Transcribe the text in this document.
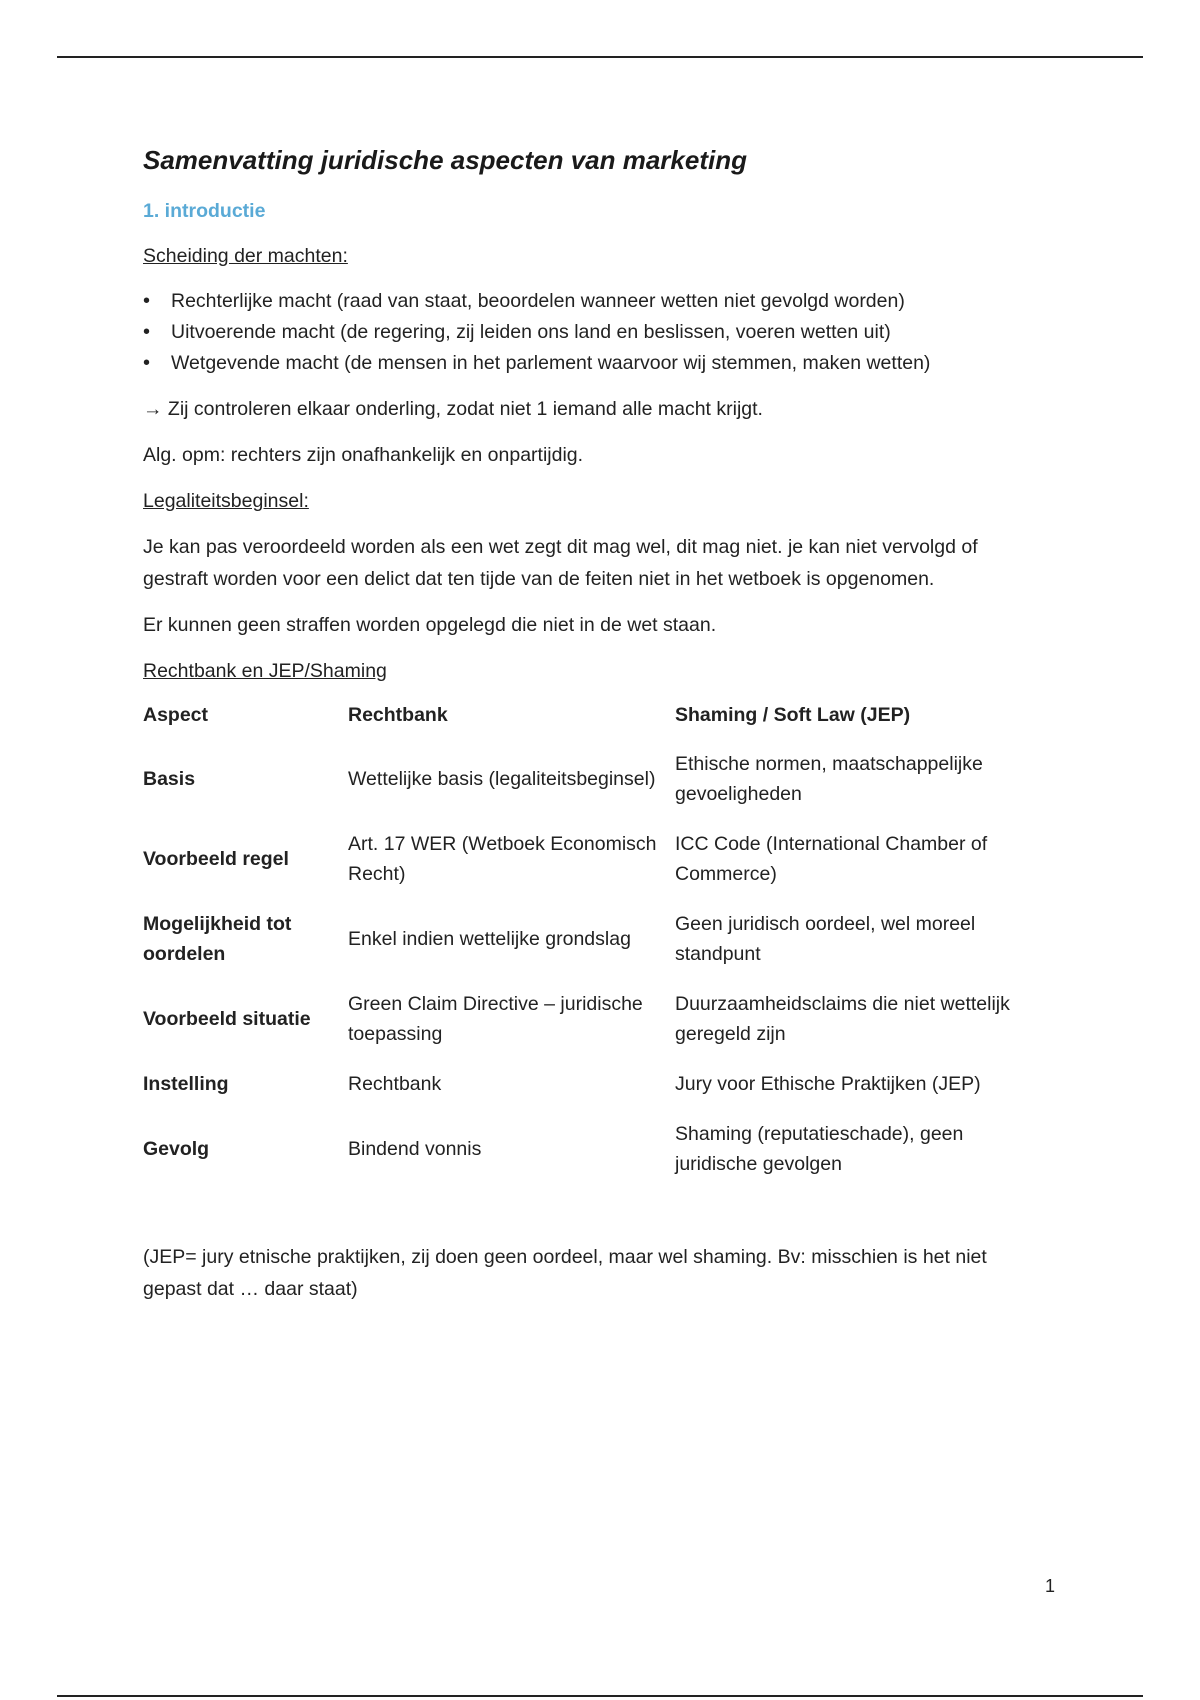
Samenvatting juridische aspecten van marketing
1. introductie

Scheiding der machten:

• Rechterlijke macht (raad van staat, beoordelen wanneer wetten niet gevolgd worden)
• Uitvoerende macht (de regering, zij leiden ons land en beslissen, voeren wetten uit)
• Wetgevende macht (de mensen in het parlement waarvoor wij stemmen, maken wetten)

→ Zij controleren elkaar onderling, zodat niet 1 iemand alle macht krijgt.

Alg. opm: rechters zijn onafhankelijk en onpartijdig.

Legaliteitsbeginsel:

Je kan pas veroordeeld worden als een wet zegt dit mag wel, dit mag niet. je kan niet vervolgd of gestraft worden voor een delict dat ten tijde van de feiten niet in het wetboek is opgenomen.

Er kunnen geen straffen worden opgelegd die niet in de wet staan.

Rechtbank en JEP/Shaming

Aspect	Rechtbank	Shaming / Soft Law (JEP)
Basis	Wettelijke basis (legaliteitsbeginsel)	Ethische normen, maatschappelijke gevoeligheden
Voorbeeld regel	Art. 17 WER (Wetboek Economisch Recht)	ICC Code (International Chamber of Commerce)
Mogelijkheid tot oordelen	Enkel indien wettelijke grondslag	Geen juridisch oordeel, wel moreel standpunt
Voorbeeld situatie	Green Claim Directive – juridische toepassing	Duurzaamheidsclaims die niet wettelijk geregeld zijn
Instelling	Rechtbank	Jury voor Ethische Praktijken (JEP)
Gevolg	Bindend vonnis	Shaming (reputatieschade), geen juridische gevolgen

(JEP= jury etnische praktijken, zij doen geen oordeel, maar wel shaming. Bv: misschien is het niet gepast dat … daar staat)

1
